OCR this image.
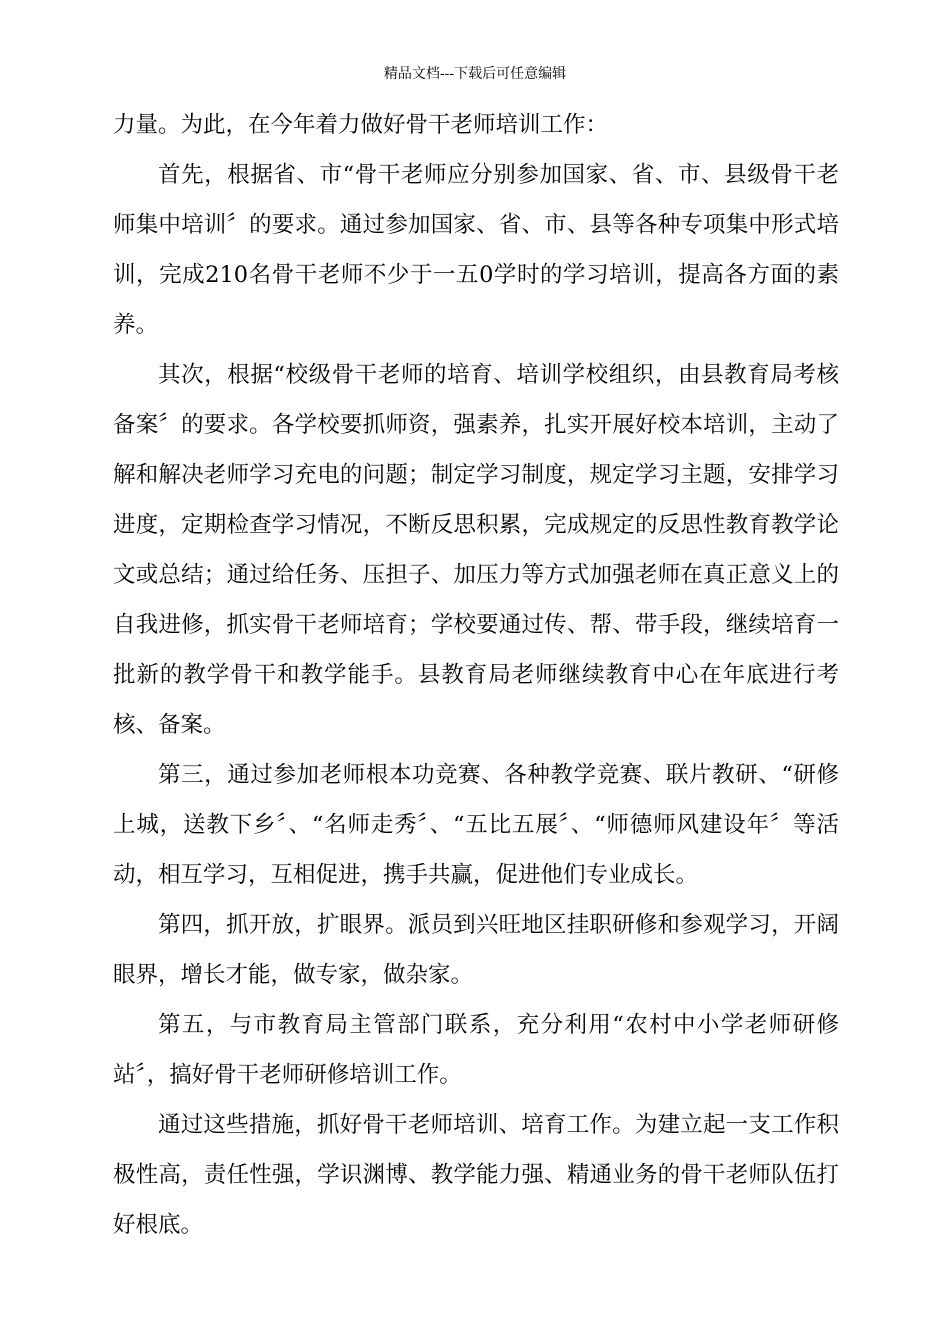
精品文档---下载后可任意编辑

力量。为此，在今年着力做好骨干老师培训工作：

首先，根据省、市“骨干老师应分别参加国家、省、市、县级骨干老师集中培训〞的要求。通过参加国家、省、市、县等各种专项集中形式培训，完成210名骨干老师不少于一五0学时的学习培训，提高各方面的素养。

其次，根据“校级骨干老师的培育、培训学校组织，由县教育局考核备案〞的要求。各学校要抓师资，强素养，扎实开展好校本培训，主动了解和解决老师学习充电的问题；制定学习制度，规定学习主题，安排学习进度，定期检查学习情况，不断反思积累，完成规定的反思性教育教学论文或总结；通过给任务、压担子、加压力等方式加强老师在真正意义上的自我进修，抓实骨干老师培育；学校要通过传、帮、带手段，继续培育一批新的教学骨干和教学能手。县教育局老师继续教育中心在年底进行考核、备案。

第三，通过参加老师根本功竞赛、各种教学竞赛、联片教研、“研修上城，送教下乡〞、“名师走秀〞、“五比五展〞、“师德师风建设年〞等活动，相互学习，互相促进，携手共赢，促进他们专业成长。

第四，抓开放，扩眼界。派员到兴旺地区挂职研修和参观学习，开阔眼界，增长才能，做专家，做杂家。

第五，与市教育局主管部门联系，充分利用“农村中小学老师研修站〞，搞好骨干老师研修培训工作。

通过这些措施，抓好骨干老师培训、培育工作。为建立起一支工作积极性高，责任性强，学识渊博、教学能力强、精通业务的骨干老师队伍打好根底。
